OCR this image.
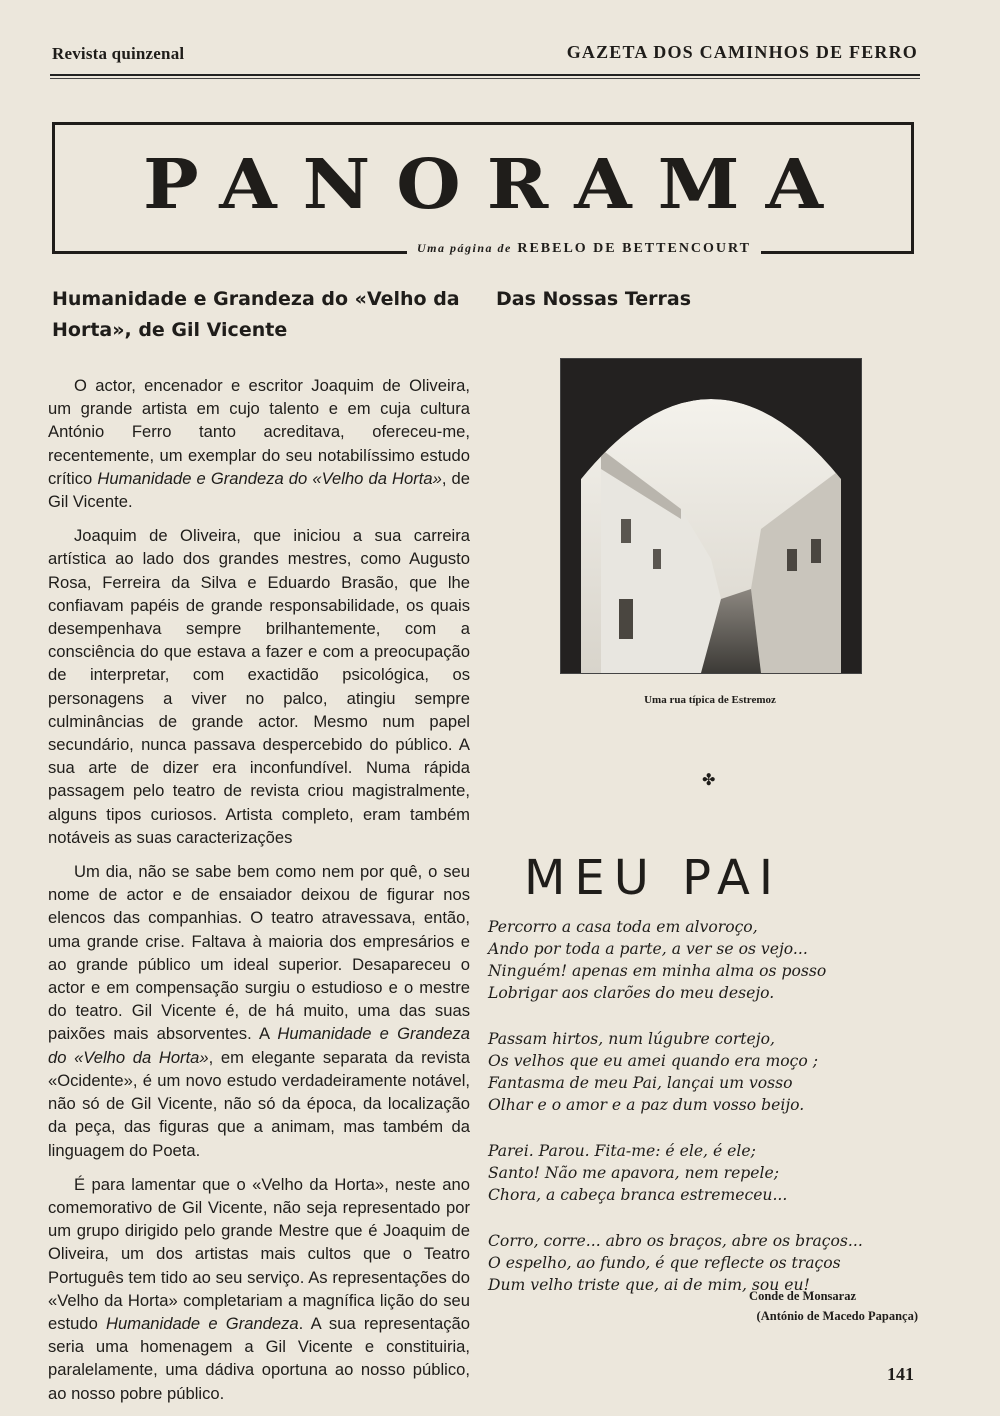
Revista quinzenal	GAZETA DOS CAMINHOS DE FERRO
PANORAMA
Uma página de REBELO DE BETTENCOURT
Humanidade e Grandeza do «Velho da Horta», de Gil Vicente

O actor, encenador e escritor Joaquim de Oliveira, um grande artista em cujo talento e em cuja cultura António Ferro tanto acreditava, ofereceu-me, recentemente, um exemplar do seu notabilíssimo estudo crítico Humanidade e Grandeza do «Velho da Horta», de Gil Vicente.

Joaquim de Oliveira, que iniciou a sua carreira artística ao lado dos grandes mestres, como Augusto Rosa, Ferreira da Silva e Eduardo Brasão, que lhe confiavam papéis de grande responsabilidade, os quais desempenhava sempre brilhantemente, com a consciência do que estava a fazer e com a preocupação de interpretar, com exactidão psicológica, os personagens a viver no palco, atingiu sempre culminâncias de grande actor. Mesmo num papel secundário, nunca passava despercebido do público. A sua arte de dizer era inconfundível. Numa rápida passagem pelo teatro de revista criou magistralmente, alguns tipos curiosos. Artista completo, eram também notáveis as suas caracterizações

Um dia, não se sabe bem como nem por quê, o seu nome de actor e de ensaiador deixou de figurar nos elencos das companhias. O teatro atravessava, então, uma grande crise. Faltava à maioria dos empresários e ao grande público um ideal superior. Desapareceu o actor e em compensação surgiu o estudioso e o mestre do teatro. Gil Vicente é, de há muito, uma das suas paixões mais absorventes. A Humanidade e Grandeza do «Velho da Horta», em elegante separata da revista «Ocidente», é um novo estudo verdadeiramente notável, não só de Gil Vicente, não só da época, da localização da peça, das figuras que a animam, mas também da linguagem do Poeta.

É para lamentar que o «Velho da Horta», neste ano comemorativo de Gil Vicente, não seja representado por um grupo dirigido pelo grande Mestre que é Joaquim de Oliveira, um dos artistas mais cultos que o Teatro Português tem tido ao seu serviço. As representações do «Velho da Horta» completariam a magnífica lição do seu estudo Humanidade e Grandeza. A sua representação seria uma homenagem a Gil Vicente e constituiria, paralelamente, uma dádiva oportuna ao nosso público, ao nosso pobre público.

Das Nossas Terras
Uma rua típica de Estremoz
✤
MEU PAI
Percorro a casa toda em alvoroço,
Ando por toda a parte, a ver se os vejo...
Ninguém! apenas em minha alma os posso
Lobrigar aos clarões do meu desejo.
Passam hirtos, num lúgubre cortejo,
Os velhos que eu amei quando era moço ;
Fantasma de meu Pai, lançai um vosso
Olhar e o amor e a paz dum vosso beijo.
Parei. Parou. Fita-me: é ele, é ele;
Santo! Não me apavora, nem repele;
Chora, a cabeça branca estremeceu...
Corro, corre... abro os braços, abre os braços...
O espelho, ao fundo, é que reflecte os traços
Dum velho triste que, ai de mim, sou eu!
Conde de Monsaraz
(António de Macedo Papança)
141
